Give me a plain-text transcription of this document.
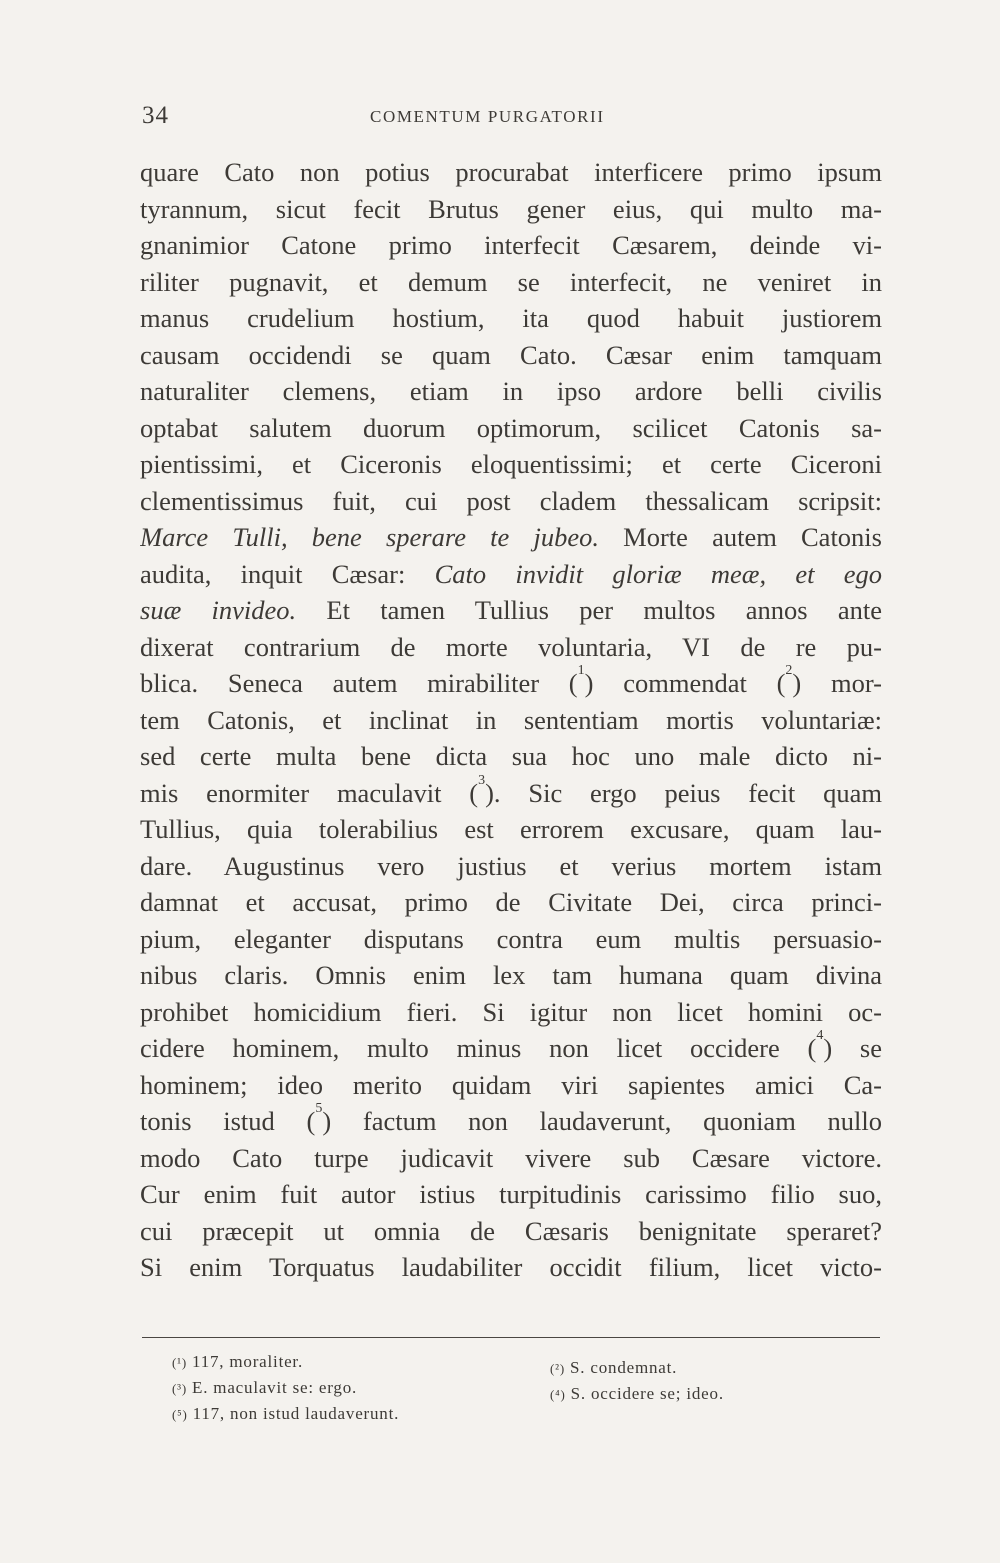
34	COMENTUM PURGATORII
quare Cato non potius procurabat interficere primo ipsum
tyrannum, sicut fecit Brutus gener eius, qui multo ma-
gnanimior Catone primo interfecit Cæsarem, deinde vi-
riliter pugnavit, et demum se interfecit, ne veniret in
manus crudelium hostium, ita quod habuit justiorem
causam occidendi se quam Cato. Cæsar enim tamquam
naturaliter clemens, etiam in ipso ardore belli civilis
optabat salutem duorum optimorum, scilicet Catonis sa-
pientissimi, et Ciceronis eloquentissimi; et certe Ciceroni
clementissimus fuit, cui post cladem thessalicam scripsit:
Marce Tulli, bene sperare te jubeo. Morte autem Catonis
audita, inquit Cæsar: Cato invidit gloriæ meæ, et ego
suæ invideo. Et tamen Tullius per multos annos ante
dixerat contrarium de morte voluntaria, VI de re pu-
blica. Seneca autem mirabiliter ($^1$) commendat ($^2$) mor-
tem Catonis, et inclinat in sententiam mortis voluntariæ:
sed certe multa bene dicta sua hoc uno male dicto ni-
mis enormiter maculavit ($^3$). Sic ergo peius fecit quam
Tullius, quia tolerabilius est errorem excusare, quam lau-
dare. Augustinus vero justius et verius mortem istam
damnat et accusat, primo de Civitate Dei, circa princi-
pium, eleganter disputans contra eum multis persuasio-
nibus claris. Omnis enim lex tam humana quam divina
prohibet homicidium fieri. Si igitur non licet homini oc-
cidere hominem, multo minus non licet occidere ($^4$) se
hominem; ideo merito quidam viri sapientes amici Ca-
tonis istud ($^5$) factum non laudaverunt, quoniam nullo
modo Cato turpe judicavit vivere sub Cæsare victore.
Cur enim fuit autor istius turpitudinis carissimo filio suo,
cui præcepit ut omnia de Cæsaris benignitate speraret?
Si enim Torquatus laudabiliter occidit filium, licet victo-
(¹) 117, moraliter.
(³) E. maculavit se: ergo.
(⁵) 117, non istud laudaverunt.
(²) S. condemnat.
(⁴) S. occidere se; ideo.
